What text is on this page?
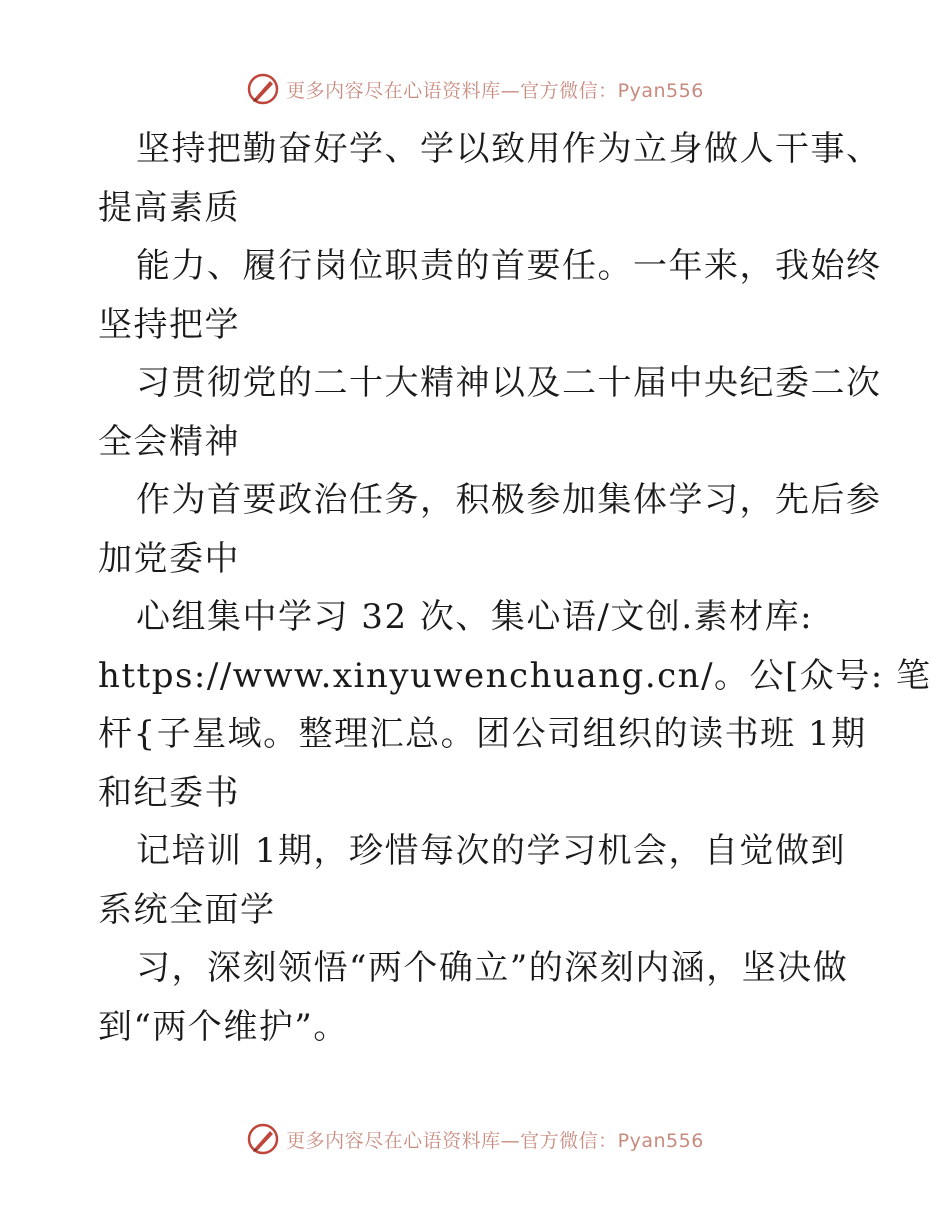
更多内容尽在心语资料库—官方微信：Pyan556
坚持把勤奋好学、学以致用作为立身做人干事、
提高素质
能力、履行岗位职责的首要任。一年来，我始终
坚持把学
习贯彻党的二十大精神以及二十届中央纪委二次
全会精神
作为首要政治任务，积极参加集体学习，先后参
加党委中
心组集中学习 32 次、集心语/文创.素材库:
https://www.xinyuwenchuang.cn/。公[众号: 笔
杆{子星域。整理汇总。团公司组织的读书班 1期
和纪委书
记培训 1期，珍惜每次的学习机会，自觉做到
系统全面学
习，深刻领悟“两个确立”的深刻内涵，坚决做
到“两个维护”。
更多内容尽在心语资料库—官方微信：Pyan556
